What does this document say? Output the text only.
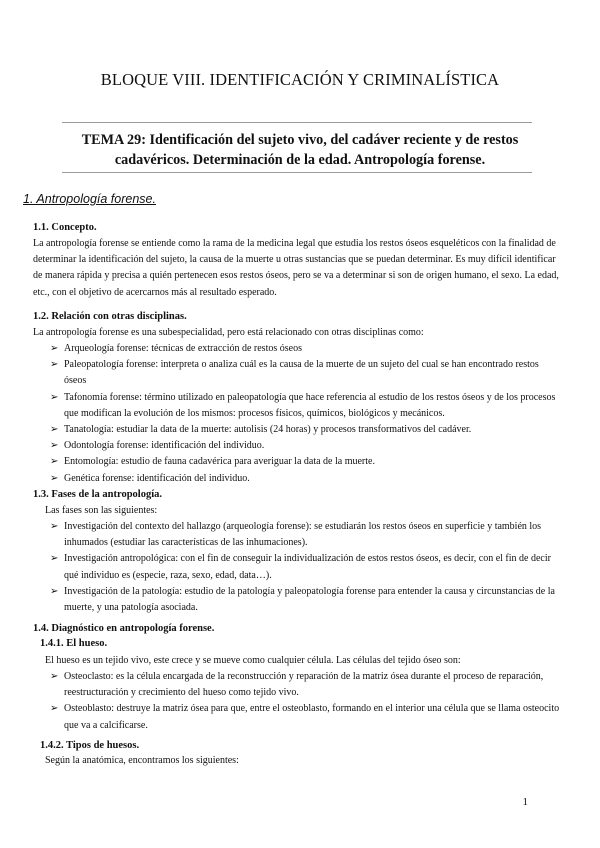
BLOQUE VIII. IDENTIFICACIÓN Y CRIMINALÍSTICA
TEMA 29: Identificación del sujeto vivo, del cadáver reciente y de restos cadavéricos. Determinación de la edad. Antropología forense.
1. Antropología forense.
1.1. Concepto.
La antropología forense se entiende como la rama de la medicina legal que estudia los restos óseos esqueléticos con la finalidad de determinar la identificación del sujeto, la causa de la muerte u otras sustancias que se puedan determinar. Es muy difícil identificar de manera rápida y precisa a quién pertenecen esos restos óseos, pero se va a determinar si son de origen humano, el sexo. La edad, etc., con el objetivo de acercarnos más al resultado esperado.
1.2. Relación con otras disciplinas.
La antropología forense es una subespecialidad, pero está relacionado con otras disciplinas como:
➢ Arqueología forense: técnicas de extracción de restos óseos
➢ Paleopatología forense: interpreta o analiza cuál es la causa de la muerte de un sujeto del cual se han encontrado restos óseos
➢ Tafonomía forense: término utilizado en paleopatología que hace referencia al estudio de los restos óseos y de los procesos que modifican la evolución de los mismos: procesos físicos, químicos, biológicos y mecánicos.
➢ Tanatología: estudiar la data de la muerte: autolisis (24 horas) y procesos transformativos del cadáver.
➢ Odontología forense: identificación del individuo.
➢ Entomología: estudio de fauna cadavérica para averiguar la data de la muerte.
➢ Genética forense: identificación del individuo.
1.3. Fases de la antropología.
Las fases son las siguientes:
➢ Investigación del contexto del hallazgo (arqueología forense): se estudiarán los restos óseos en superficie y también los inhumados (estudiar las características de las inhumaciones).
➢ Investigación antropológica: con el fin de conseguir la individualización de estos restos óseos, es decir, con el fin de decir qué individuo es (especie, raza, sexo, edad, data…).
➢ Investigación de la patología: estudio de la patología y paleopatología forense para entender la causa y circunstancias de la muerte, y una patología asociada.
1.4. Diagnóstico en antropología forense.
1.4.1. El hueso.
El hueso es un tejido vivo, este crece y se mueve como cualquier célula. Las células del tejido óseo son:
➢ Osteoclasto: es la célula encargada de la reconstrucción y reparación de la matriz ósea durante el proceso de reparación, reestructuración y crecimiento del hueso como tejido vivo.
➢ Osteoblasto: destruye la matriz ósea para que, entre el osteoblasto, formando en el interior una célula que se llama osteocito que va a calcificarse.
1.4.2. Tipos de huesos.
Según la anatómica, encontramos los siguientes:
1
